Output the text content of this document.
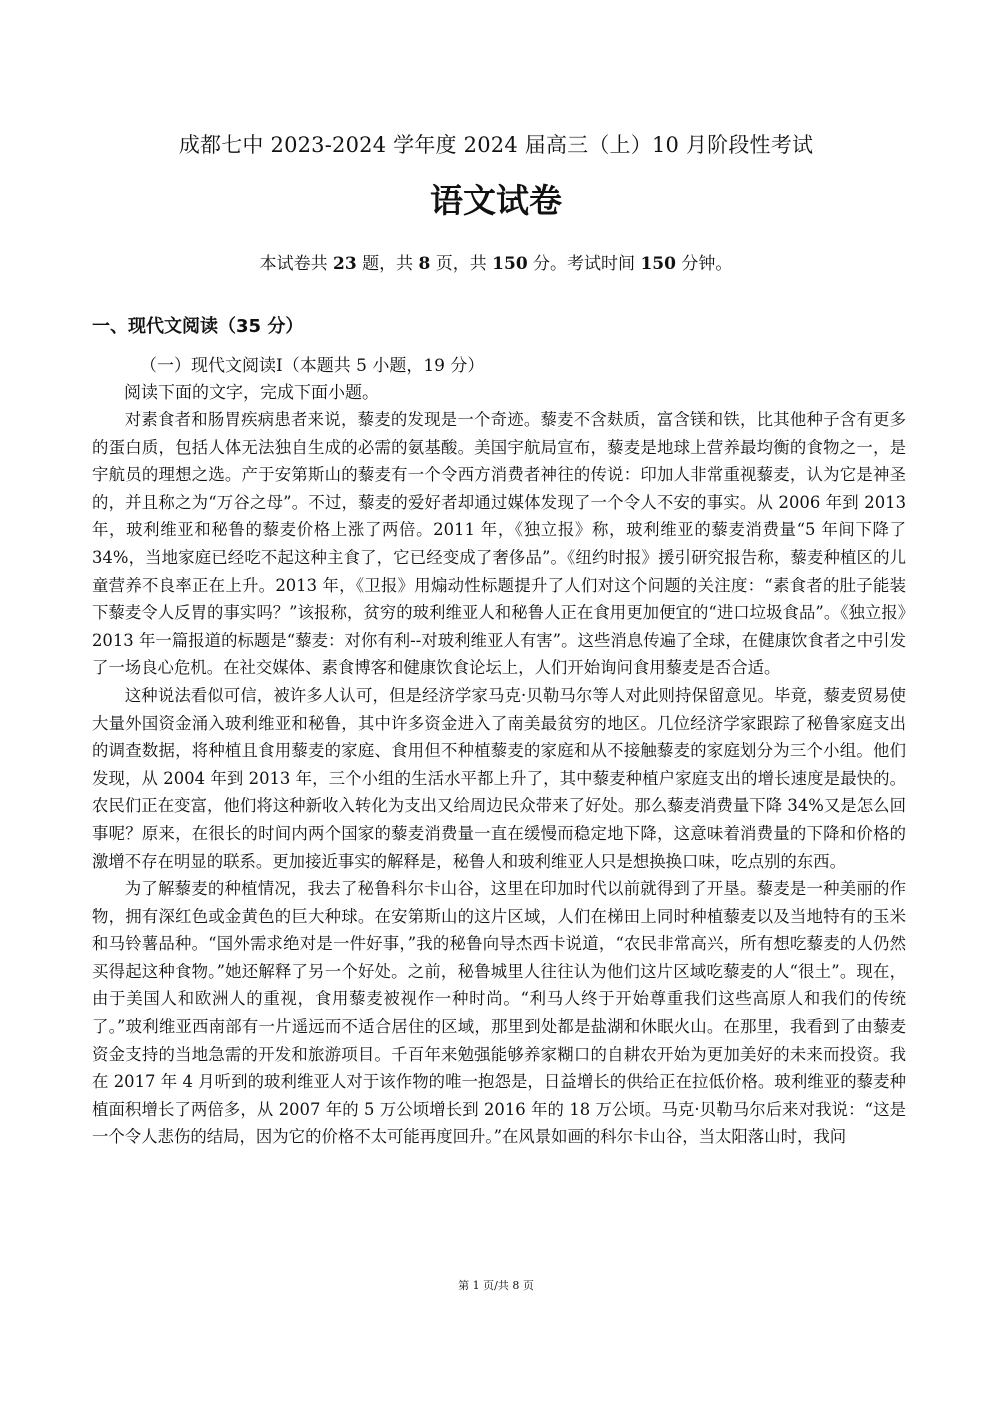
成都七中 2023-2024 学年度 2024 届高三（上）10 月阶段性考试
语文试卷
本试卷共 23 题，共 8 页，共 150 分。考试时间 150 分钟。
一、现代文阅读（35 分）
（一）现代文阅读Ⅰ（本题共 5 小题，19 分）
阅读下面的文字，完成下面小题。

对素食者和肠胃疾病患者来说，藜麦的发现是一个奇迹。藜麦不含麸质，富含镁和铁，比其他种子含有更多的蛋白质，包括人体无法独自生成的必需的氨基酸。美国宇航局宣布，藜麦是地球上营养最均衡的食物之一，是宇航员的理想之选。产于安第斯山的藜麦有一个令西方消费者神往的传说：印加人非常重视藜麦，认为它是神圣的，并且称之为“万谷之母”。不过，藜麦的爱好者却通过媒体发现了一个令人不安的事实。从 2006 年到 2013 年，玻利维亚和秘鲁的藜麦价格上涨了两倍。2011 年，《独立报》称，玻利维亚的藜麦消费量“5 年间下降了 34%，当地家庭已经吃不起这种主食了，它已经变成了奢侈品”。《纽约时报》援引研究报告称，藜麦种植区的儿童营养不良率正在上升。2013 年，《卫报》用煽动性标题提升了人们对这个问题的关注度：“素食者的肚子能装下藜麦令人反胃的事实吗？”该报称，贫穷的玻利维亚人和秘鲁人正在食用更加便宜的“进口垃圾食品”。《独立报》2013 年一篇报道的标题是“藜麦：对你有利--对玻利维亚人有害”。这些消息传遍了全球，在健康饮食者之中引发了一场良心危机。在社交媒体、素食博客和健康饮食论坛上，人们开始询问食用藜麦是否合适。

这种说法看似可信，被许多人认可，但是经济学家马克·贝勒马尔等人对此则持保留意见。毕竟，藜麦贸易使大量外国资金涌入玻利维亚和秘鲁，其中许多资金进入了南美最贫穷的地区。几位经济学家跟踪了秘鲁家庭支出的调查数据，将种植且食用藜麦的家庭、食用但不种植藜麦的家庭和从不接触藜麦的家庭划分为三个小组。他们发现，从 2004 年到 2013 年，三个小组的生活水平都上升了，其中藜麦种植户家庭支出的增长速度是最快的。农民们正在变富，他们将这种新收入转化为支出又给周边民众带来了好处。那么藜麦消费量下降 34%又是怎么回事呢？原来，在很长的时间内两个国家的藜麦消费量一直在缓慢而稳定地下降，这意味着消费量的下降和价格的激增不存在明显的联系。更加接近事实的解释是，秘鲁人和玻利维亚人只是想换换口味，吃点别的东西。

为了解藜麦的种植情况，我去了秘鲁科尔卡山谷，这里在印加时代以前就得到了开垦。藜麦是一种美丽的作物，拥有深红色或金黄色的巨大种球。在安第斯山的这片区域，人们在梯田上同时种植藜麦以及当地特有的玉米和马铃薯品种。“国外需求绝对是一件好事，”我的秘鲁向导杰西卡说道，“农民非常高兴，所有想吃藜麦的人仍然买得起这种食物。”她还解释了另一个好处。之前，秘鲁城里人往往认为他们这片区域吃藜麦的人“很土”。现在，由于美国人和欧洲人的重视，食用藜麦被视作一种时尚。“利马人终于开始尊重我们这些高原人和我们的传统了。”玻利维亚西南部有一片遥远而不适合居住的区域，那里到处都是盐湖和休眠火山。在那里，我看到了由藜麦资金支持的当地急需的开发和旅游项目。千百年来勉强能够养家糊口的自耕农开始为更加美好的未来而投资。我在 2017 年 4 月听到的玻利维亚人对于该作物的唯一抱怨是，日益增长的供给正在拉低价格。玻利维亚的藜麦种植面积增长了两倍多，从 2007 年的 5 万公顷增长到 2016 年的 18 万公顷。马克·贝勒马尔后来对我说：“这是一个令人悲伤的结局，因为它的价格不太可能再度回升。”在风景如画的科尔卡山谷，当太阳落山时，我问

第 1 页/共 8 页
